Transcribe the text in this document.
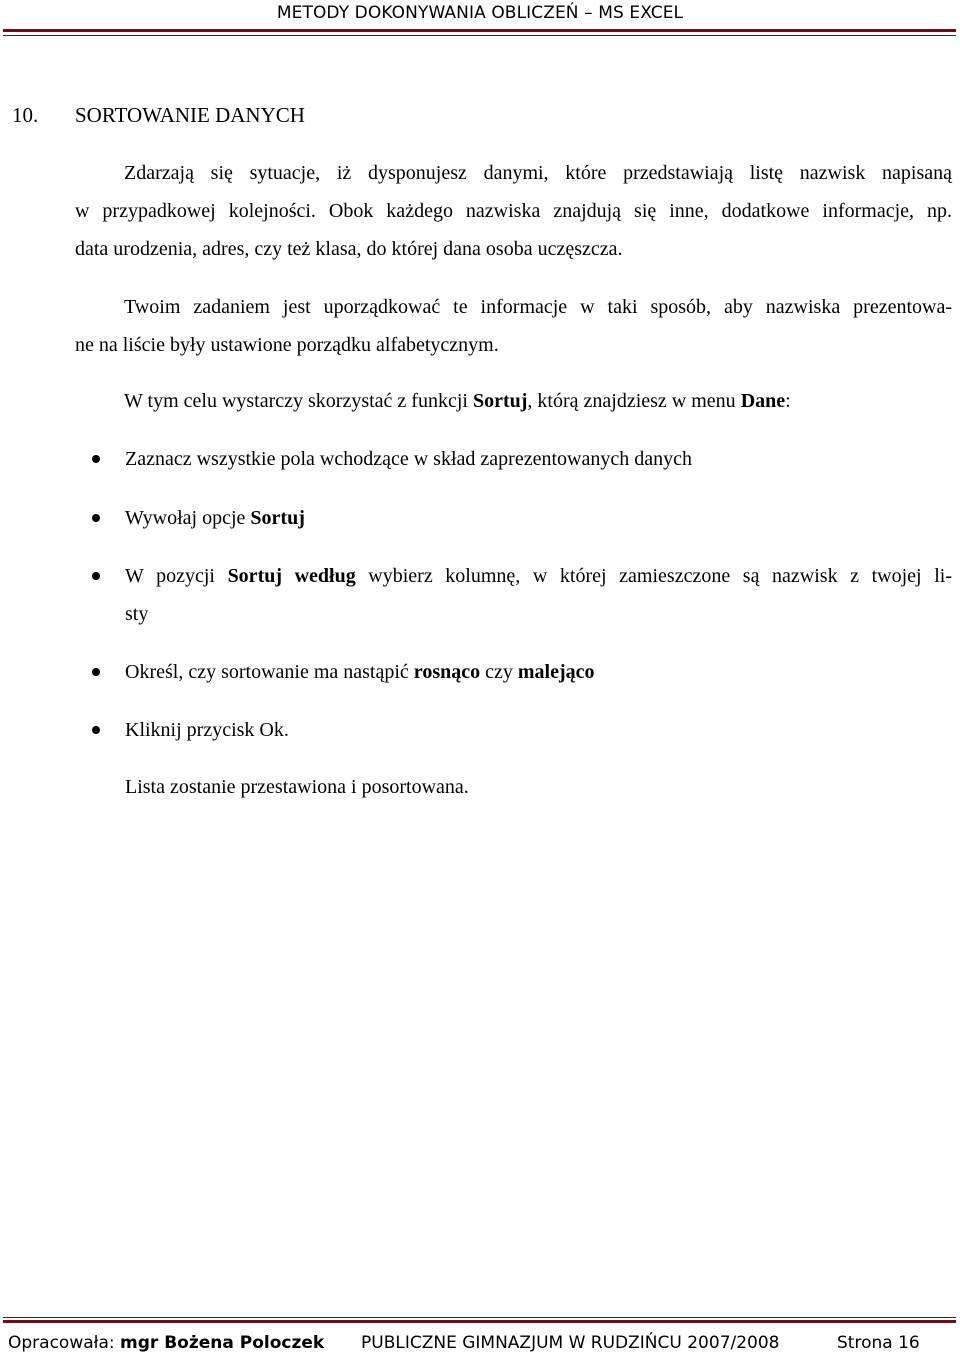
METODY DOKONYWANIA OBLICZEŃ – MS EXCEL
10. SORTOWANIE DANYCH
Zdarzają się sytuacje, iż dysponujesz danymi, które przedstawiają listę nazwisk napisaną
w przypadkowej kolejności. Obok każdego nazwiska znajdują się inne, dodatkowe informacje, np.
data urodzenia, adres, czy też klasa, do której dana osoba uczęszcza.
Twoim zadaniem jest uporządkować te informacje w taki sposób, aby nazwiska prezentowa-
ne na liście były ustawione porządku alfabetycznym.
W tym celu wystarczy skorzystać z funkcji Sortuj, którą znajdziesz w menu Dane:
Zaznacz wszystkie pola wchodzące w skład zaprezentowanych danych
Wywołaj opcje Sortuj
W pozycji Sortuj według wybierz kolumnę, w której zamieszczone są nazwisk z twojej li-
sty
Określ, czy sortowanie ma nastąpić rosnąco czy malejąco
Kliknij przycisk Ok.
Lista zostanie przestawiona i posortowana.
Opracowała: mgr Bożena Poloczek PUBLICZNE GIMNAZJUM W RUDZIŃCU 2007/2008	Strona 16
